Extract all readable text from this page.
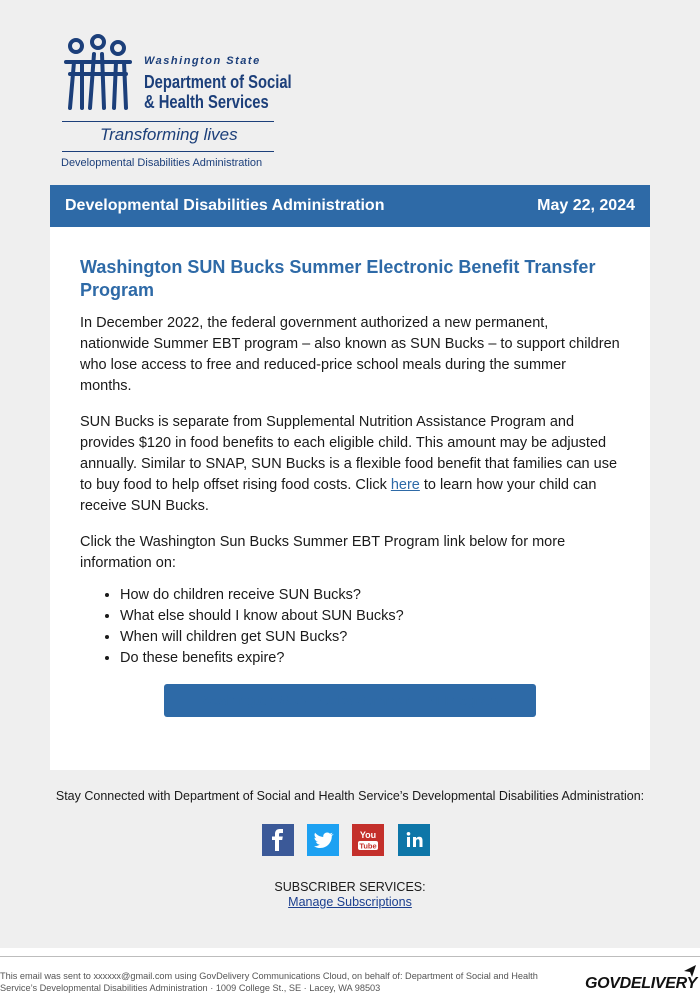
Washington State
Department of Social
& Health Services
Transforming lives
Developmental Disabilities Administration
Developmental Disabilities Administration	May 22, 2024
Washington SUN Bucks Summer Electronic Benefit Transfer Program

In December 2022, the federal government authorized a new permanent, nationwide Summer EBT program – also known as SUN Bucks – to support children who lose access to free and reduced-price school meals during the summer months.

SUN Bucks is separate from Supplemental Nutrition Assistance Program and provides $120 in food benefits to each eligible child. This amount may be adjusted annually. Similar to SNAP, SUN Bucks is a flexible food benefit that families can use to buy food to help offset rising food costs. Click here to learn how your child can receive SUN Bucks.

Click the Washington Sun Bucks Summer EBT Program link below for more information on:

• How do children receive SUN Bucks?
• What else should I know about SUN Bucks?
• When will children get SUN Bucks?
• Do these benefits expire?
Washington SUN Bucks Summer EBT Program
Stay Connected with Department of Social and Health Service’s Developmental Disabilities Administration:
You
Tube
SUBSCRIBER SERVICES:
Manage Subscriptions
This email was sent to xxxxxx@gmail.com using GovDelivery Communications Cloud, on behalf of: Department of Social and Health Service’s Developmental Disabilities Administration · 1009 College St., SE · Lacey, WA 98503	GOVDELIVERY
